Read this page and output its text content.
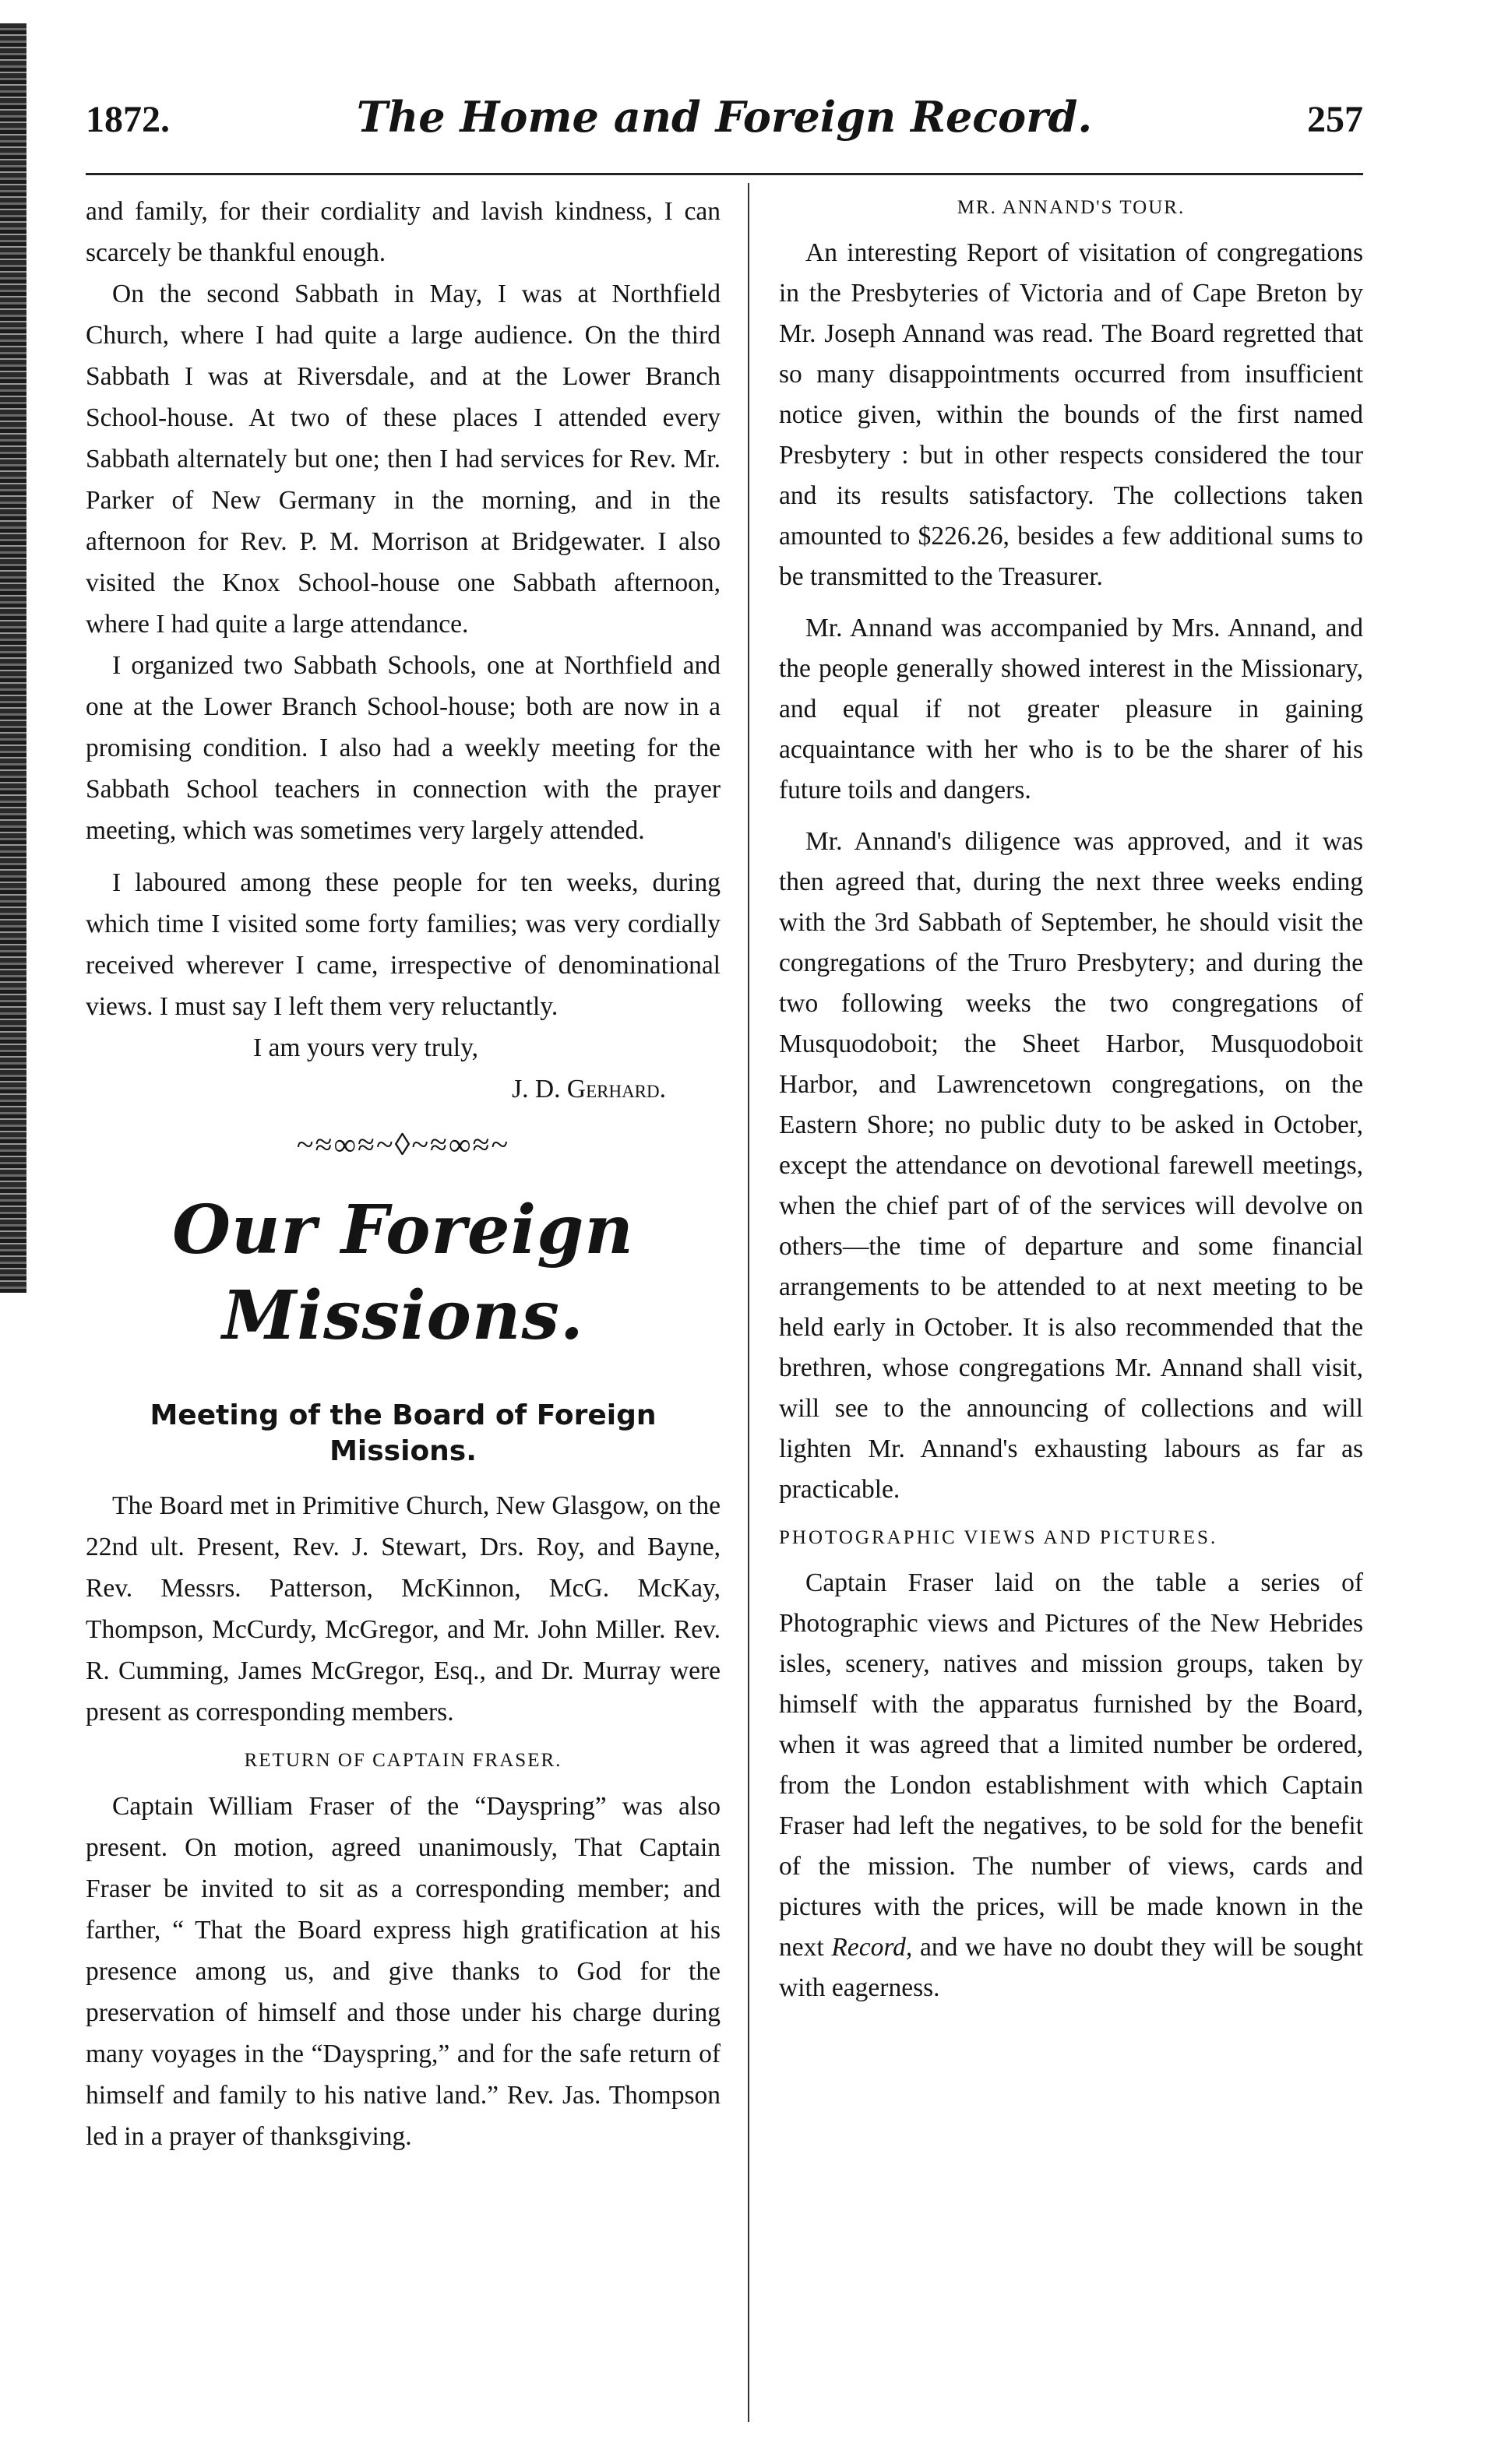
1872.	The Home and Foreign Record.	257

and family, for their cordiality and lavish kindness, I can scarcely be thankful enough.

On the second Sabbath in May, I was at Northfield Church, where I had quite a large audience. On the third Sabbath I was at Riversdale, and at the Lower Branch School-house. At two of these places I attended every Sabbath alternately but one; then I had services for Rev. Mr. Parker of New Germany in the morning, and in the afternoon for Rev. P. M. Morrison at Bridgewater. I also visited the Knox School-house one Sabbath afternoon, where I had quite a large attendance.

I organized two Sabbath Schools, one at Northfield and one at the Lower Branch School-house; both are now in a promising condition. I also had a weekly meeting for the Sabbath School teachers in connection with the prayer meeting, which was sometimes very largely attended.

I laboured among these people for ten weeks, during which time I visited some forty families; was very cordially received wherever I came, irrespective of denominational views. I must say I left them very reluctantly.

I am yours very truly,

J. D. Gerhard.

~≈∞≈~◊~≈∞≈~
Our Foreign Missions.
Meeting of the Board of Foreign Missions.

The Board met in Primitive Church, New Glasgow, on the 22nd ult. Present, Rev. J. Stewart, Drs. Roy, and Bayne, Rev. Messrs. Patterson, McKinnon, McG. McKay, Thompson, McCurdy, McGregor, and Mr. John Miller. Rev. R. Cumming, James McGregor, Esq., and Dr. Murray were present as corresponding members.

RETURN OF CAPTAIN FRASER.

Captain William Fraser of the “Dayspring” was also present. On motion, agreed unanimously, That Captain Fraser be invited to sit as a corresponding member; and farther, “ That the Board express high gratification at his presence among us, and give thanks to God for the preservation of himself and those under his charge during many voyages in the “Dayspring,” and for the safe return of himself and family to his native land.” Rev. Jas. Thompson led in a prayer of thanksgiving.

MR. ANNAND'S TOUR.

An interesting Report of visitation of congregations in the Presbyteries of Victoria and of Cape Breton by Mr. Joseph Annand was read. The Board regretted that so many disappointments occurred from insufficient notice given, within the bounds of the first named Presbytery : but in other respects considered the tour and its results satisfactory. The collections taken amounted to $226.26, besides a few additional sums to be transmitted to the Treasurer.

Mr. Annand was accompanied by Mrs. Annand, and the people generally showed interest in the Missionary, and equal if not greater pleasure in gaining acquaintance with her who is to be the sharer of his future toils and dangers.

Mr. Annand's diligence was approved, and it was then agreed that, during the next three weeks ending with the 3rd Sabbath of September, he should visit the congregations of the Truro Presbytery; and during the two following weeks the two congregations of Musquodoboit; the Sheet Harbor, Musquodoboit Harbor, and Lawrencetown congregations, on the Eastern Shore; no public duty to be asked in October, except the attendance on devotional farewell meetings, when the chief part of of the services will devolve on others—the time of departure and some financial arrangements to be attended to at next meeting to be held early in October. It is also recommended that the brethren, whose congregations Mr. Annand shall visit, will see to the announcing of collections and will lighten Mr. Annand's exhausting labours as far as practicable.

PHOTOGRAPHIC VIEWS AND PICTURES.

Captain Fraser laid on the table a series of Photographic views and Pictures of the New Hebrides isles, scenery, natives and mission groups, taken by himself with the apparatus furnished by the Board, when it was agreed that a limited number be ordered, from the London establishment with which Captain Fraser had left the negatives, to be sold for the benefit of the mission. The number of views, cards and pictures with the prices, will be made known in the next Record, and we have no doubt they will be sought with eagerness.
